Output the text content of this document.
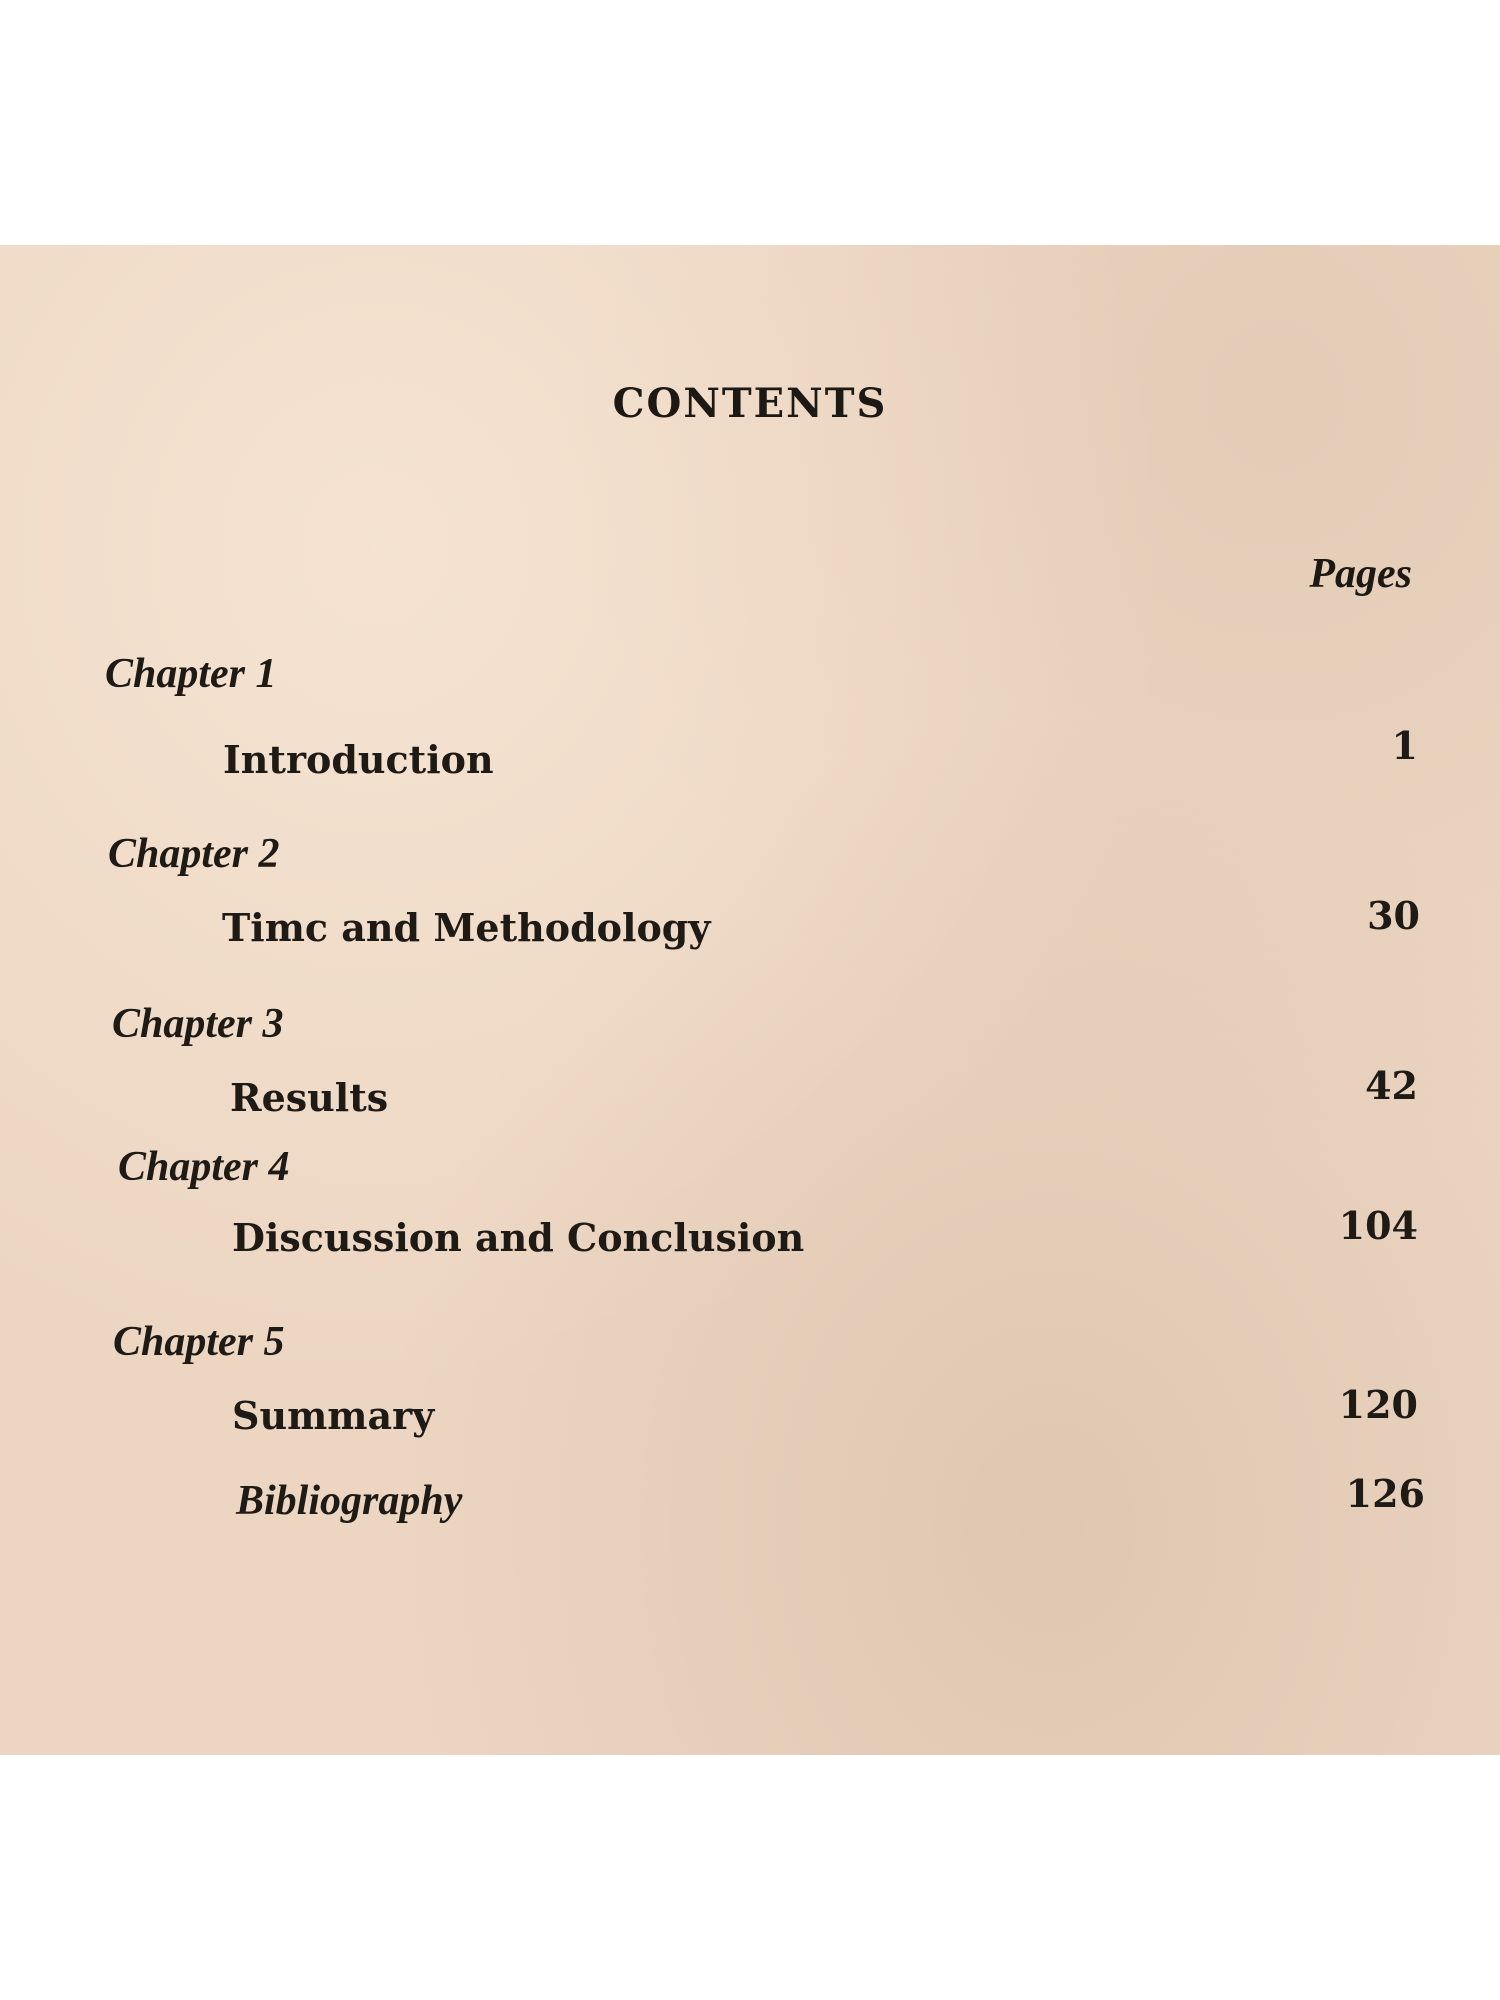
CONTENTS
Pages
Chapter 1
Introduction	1
Chapter 2
Timc and Methodology	30
Chapter 3
Results	42
Chapter 4
Discussion and Conclusion	104
Chapter 5
Summary	120
Bibliography	126
